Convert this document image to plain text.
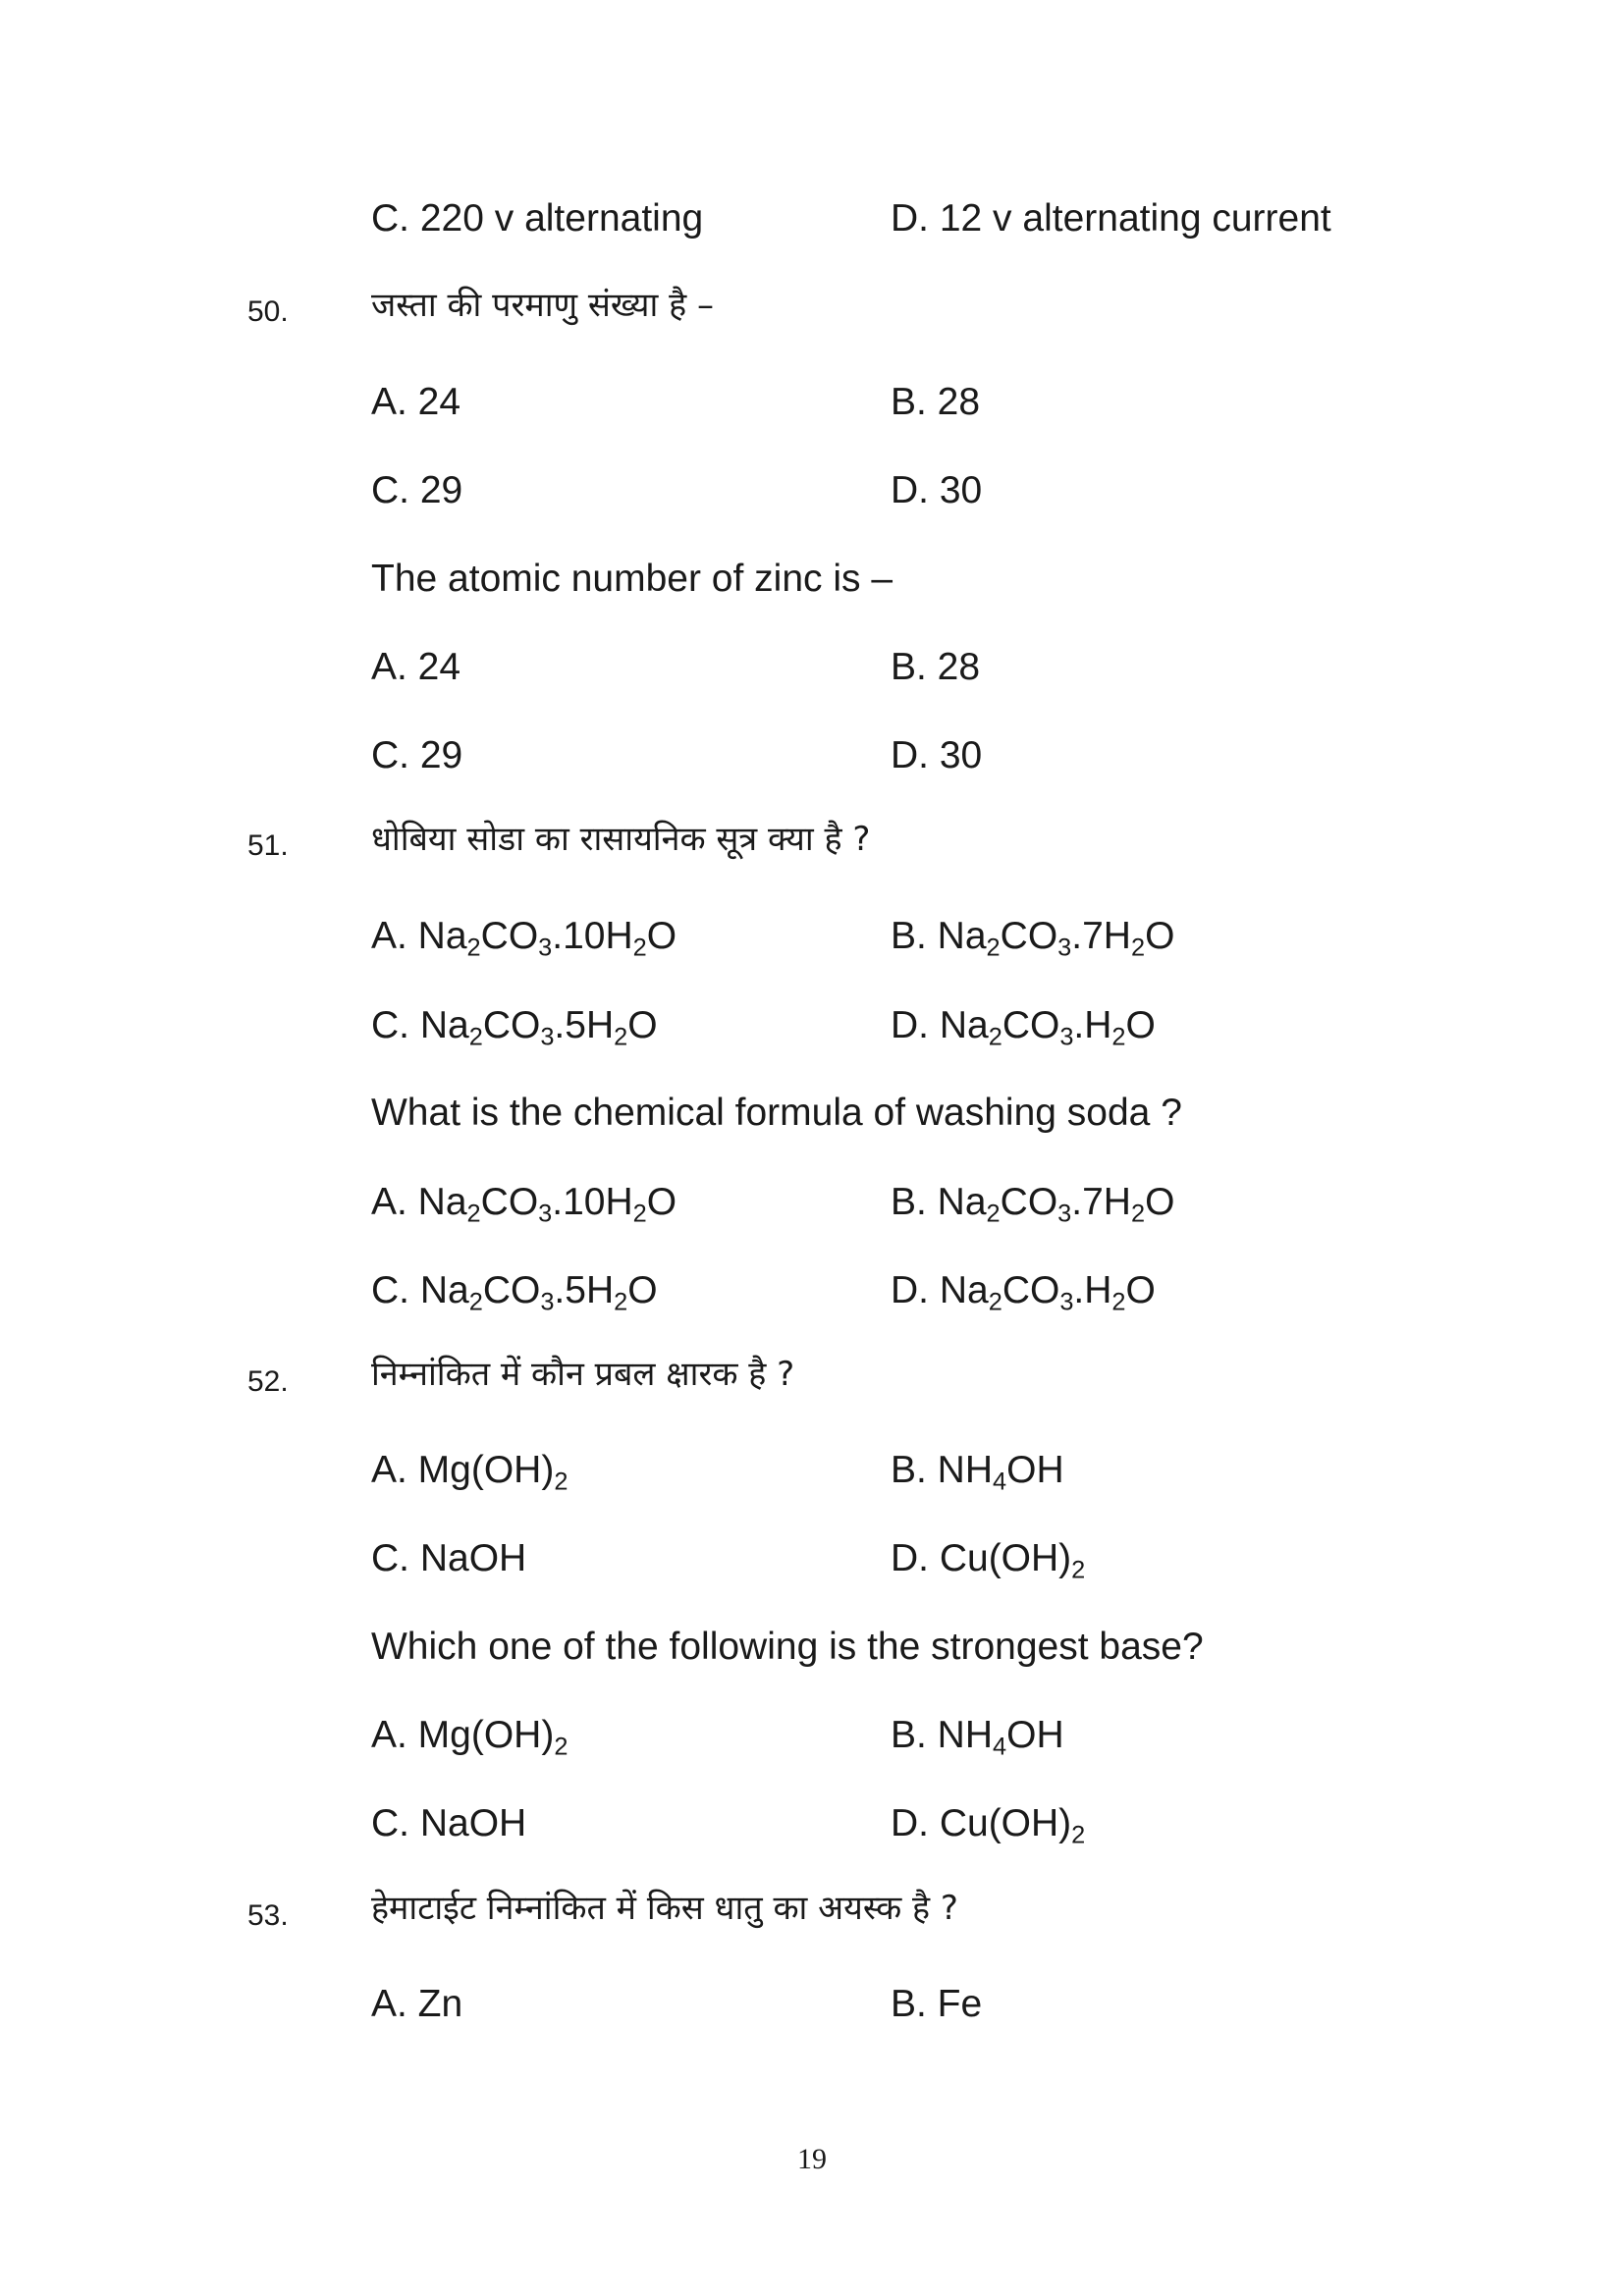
C. 220 v alternating	D. 12 v alternating current
50. जस्ता की परमाणु संख्या है –
A. 24	B. 28
C. 29	D. 30
The atomic number of zinc is –
A. 24	B. 28
C. 29	D. 30
51. धोबिया सोडा का रासायनिक सूत्र क्या है ?
A. $Na_2CO_3.10H_2O$	B. $Na_2CO_3.7H_2O$
C. $Na_2CO_3.5H_2O$	D. $Na_2CO_3.H_2O$
What is the chemical formula of washing soda ?
A. $Na_2CO_3.10H_2O$	B. $Na_2CO_3.7H_2O$
C. $Na_2CO_3.5H_2O$	D. $Na_2CO_3.H_2O$
52. निम्नांकित में कौन प्रबल क्षारक है ?
A. $Mg(OH)_2$	B. $NH_4OH$
C. NaOH	D. $Cu(OH)_2$
Which one of the following is the strongest base?
A. $Mg(OH)_2$	B. $NH_4OH$
C. NaOH	D. $Cu(OH)_2$
53. हेमाटाईट निम्नांकित में किस धातु का अयस्क है ?
A. Zn	B. Fe
19
